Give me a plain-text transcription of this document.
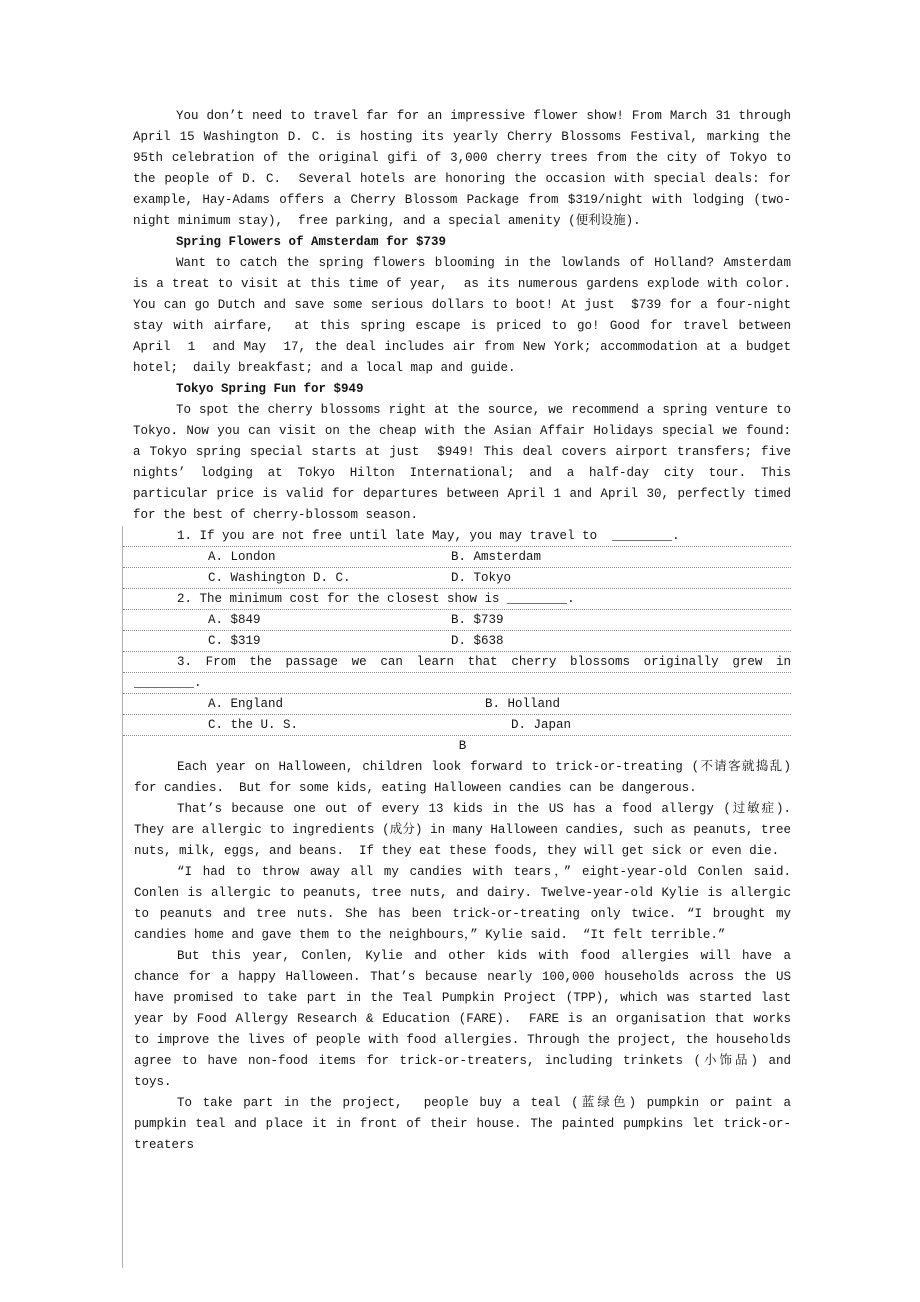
You don’t need to travel far for an impressive flower show! From March 31 through April 15 Washington D. C. is hosting its yearly Cherry Blossoms Festival, marking the 95th celebration of the original gifi of 3,000 cherry trees from the city of Tokyo to the people of D. C.  Several hotels are honoring the occasion with special deals: for example, Hay-Adams offers a Cherry Blossom Package from $319/night with lodging (two-night minimum stay),  free parking, and a special amenity (便利设施).
Spring Flowers of Amsterdam for $739
Want to catch the spring flowers blooming in the lowlands of Holland? Amsterdam is a treat to visit at this time of year,  as its numerous gardens explode with color. You can go Dutch and save some serious dollars to boot! At just  $739 for a four-night stay with airfare,  at this spring escape is priced to go! Good for travel between April  1  and May  17, the deal includes air from New York; accommodation at a budget hotel;  daily breakfast; and a local map and guide.
Tokyo Spring Fun for $949
To spot the cherry blossoms right at the source, we recommend a spring venture to Tokyo. Now you can visit on the cheap with the Asian Affair Holidays special we found: a Tokyo spring special starts at just  $949! This deal covers airport transfers; five nights’ lodging at Tokyo Hilton International; and a half-day city tour. This particular price is valid for departures between April 1 and April 30, perfectly timed for the best of cherry-blossom season.
1. If you are not free until late May, you may travel to  ________.
A. London	B. Amsterdam
C. Washington D. C.	D. Tokyo
2. The minimum cost for the closest show is ________.
A. $849	B. $739
C. $319	D. $638
3. From the passage we can learn that cherry blossoms originally grew in
________.
A. England	B. Holland
C. the U. S.	D. Japan
B
Each year on Halloween, children look forward to trick-or-treating (不请客就捣乱) for candies.  But for some kids, eating Halloween candies can be dangerous.
That’s because one out of every 13 kids in the US has a food allergy (过敏症).  They are allergic to ingredients (成分) in many Halloween candies, such as peanuts, tree nuts, milk, eggs, and beans.  If they eat these foods, they will get sick or even die.
“I had to throw away all my candies with tears，” eight-year-old Conlen said. Conlen is allergic to peanuts, tree nuts, and dairy. Twelve-year-old Kylie is allergic to peanuts and tree nuts. She has been trick-or-treating only twice. “I brought my candies home and gave them to the neighbours，” Kylie said.  “It felt terrible.”
But this year, Conlen, Kylie and other kids with food allergies will have a chance for a happy Halloween. That’s because nearly 100,000 households across the US have promised to take part in the Teal Pumpkin Project (TPP), which was started last year by Food Allergy Research & Education (FARE).  FARE is an organisation that works to improve the lives of people with food allergies. Through the project, the households agree to have non-food items for trick-or-treaters, including trinkets (小饰品) and toys.
To take part in the project,  people buy a teal (蓝绿色) pumpkin or paint a pumpkin teal and place it in front of their house. The painted pumpkins let trick-or-treaters
